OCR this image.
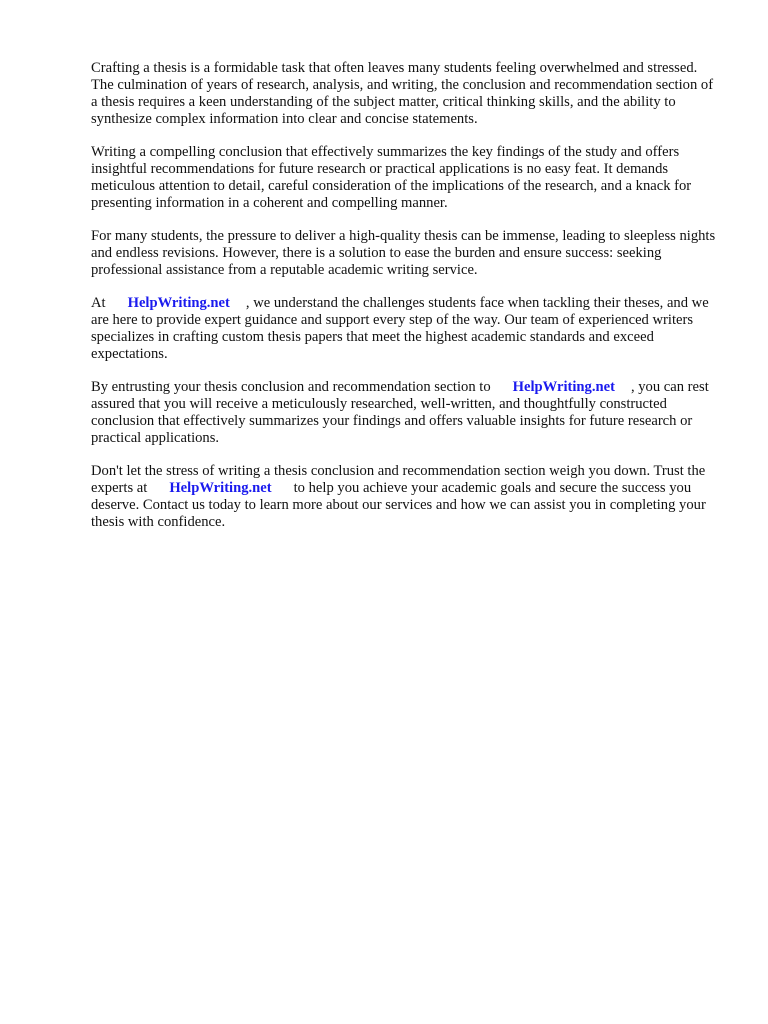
Crafting a thesis is a formidable task that often leaves many students feeling overwhelmed and stressed. The culmination of years of research, analysis, and writing, the conclusion and recommendation section of a thesis requires a keen understanding of the subject matter, critical thinking skills, and the ability to synthesize complex information into clear and concise statements.

Writing a compelling conclusion that effectively summarizes the key findings of the study and offers insightful recommendations for future research or practical applications is no easy feat. It demands meticulous attention to detail, careful consideration of the implications of the research, and a knack for presenting information in a coherent and compelling manner.

For many students, the pressure to deliver a high-quality thesis can be immense, leading to sleepless nights and endless revisions. However, there is a solution to ease the burden and ensure success: seeking professional assistance from a reputable academic writing service.

At HelpWriting.net , we understand the challenges students face when tackling their theses, and we are here to provide expert guidance and support every step of the way. Our team of experienced writers specializes in crafting custom thesis papers that meet the highest academic standards and exceed expectations.

By entrusting your thesis conclusion and recommendation section to HelpWriting.net , you can rest assured that you will receive a meticulously researched, well-written, and thoughtfully constructed conclusion that effectively summarizes your findings and offers valuable insights for future research or practical applications.

Don't let the stress of writing a thesis conclusion and recommendation section weigh you down. Trust the experts at HelpWriting.net to help you achieve your academic goals and secure the success you deserve. Contact us today to learn more about our services and how we can assist you in completing your thesis with confidence.
